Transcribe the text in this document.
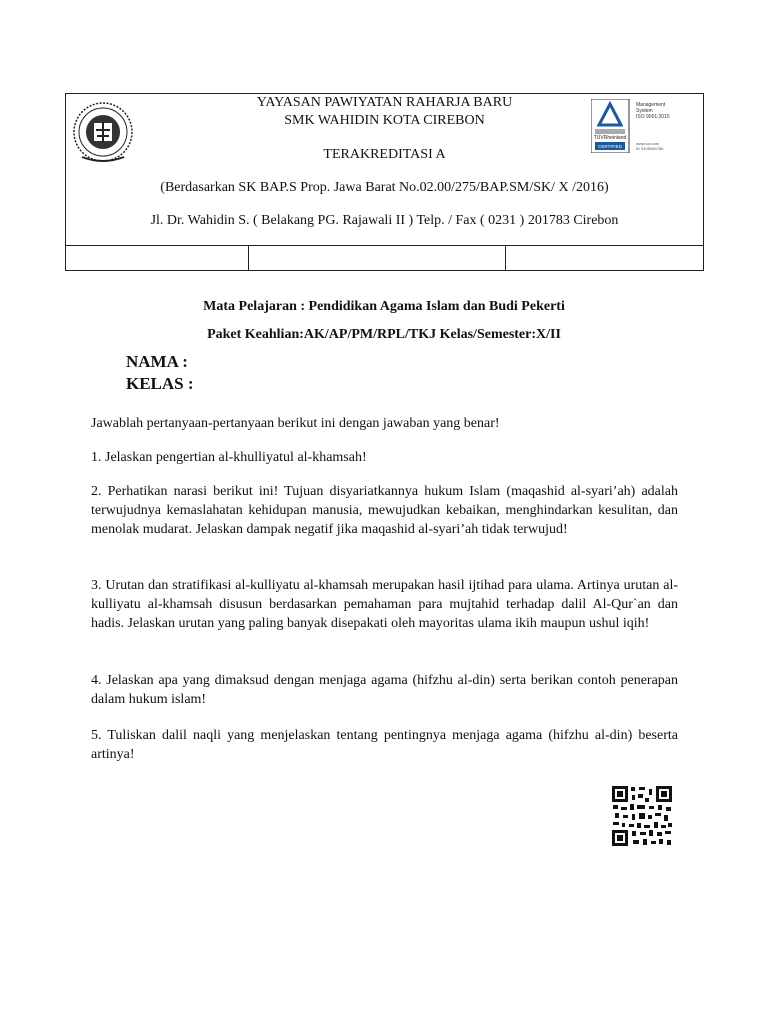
YAYASAN PAWIYATAN RAHARJA BARU
SMK WAHIDIN KOTA CIREBON
TERAKREDITASI A
(Berdasarkan SK BAP.S Prop. Jawa Barat No.02.00/275/BAP.SM/SK/ X /2016)
Jl. Dr. Wahidin S. ( Belakang PG. Rajawali II ) Telp. / Fax ( 0231 ) 201783 Cirebon
TÜVRheinland
CERTIFIED
Management
System
ISO 9001:2015
www.tuv.com
ID 9105084786
Mata Pelajaran : Pendidikan Agama Islam dan Budi Pekerti
Paket Keahlian:AK/AP/PM/RPL/TKJ Kelas/Semester:X/II
NAMA :
KELAS :
Jawablah pertanyaan-pertanyaan berikut ini dengan jawaban yang benar!
1. Jelaskan pengertian al-khulliyatul al-khamsah!
2. Perhatikan narasi berikut ini! Tujuan disyariatkannya hukum Islam (maqashid al-syari’ah) adalah terwujudnya kemaslahatan kehidupan manusia, mewujudkan kebaikan, menghindarkan kesulitan, dan menolak mudarat. Jelaskan dampak negatif jika maqashid al-syari’ah tidak terwujud!
3. Urutan dan stratifikasi al-kulliyatu al-khamsah merupakan hasil ijtihad para ulama. Artinya urutan al-kulliyatu al-khamsah disusun berdasarkan pemahaman para mujtahid terhadap dalil Al-Qur`an dan hadis. Jelaskan urutan yang paling banyak disepakati oleh mayoritas ulama ikih maupun ushul iqih!
4. Jelaskan apa yang dimaksud dengan menjaga agama (hifzhu al-din) serta berikan contoh penerapan dalam hukum islam!
5. Tuliskan dalil naqli yang menjelaskan tentang pentingnya menjaga agama (hifzhu al-din) beserta artinya!
